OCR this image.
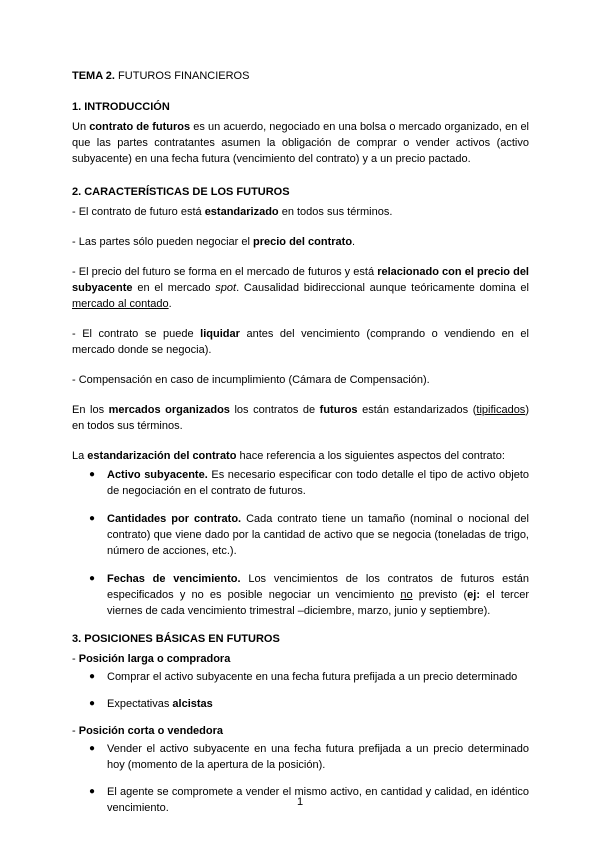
TEMA 2. FUTUROS FINANCIEROS

1. INTRODUCCIÓN

Un contrato de futuros es un acuerdo, negociado en una bolsa o mercado organizado, en el que las partes contratantes asumen la obligación de comprar o vender activos (activo subyacente) en una fecha futura (vencimiento del contrato) y a un precio pactado.

2. CARACTERÍSTICAS DE LOS FUTUROS

- El contrato de futuro está estandarizado en todos sus términos.

- Las partes sólo pueden negociar el precio del contrato.

- El precio del futuro se forma en el mercado de futuros y está relacionado con el precio del subyacente en el mercado spot. Causalidad bidireccional aunque teóricamente domina el mercado al contado.

- El contrato se puede liquidar antes del vencimiento (comprando o vendiendo en el mercado donde se negocia).

- Compensación en caso de incumplimiento (Cámara de Compensación).

En los mercados organizados los contratos de futuros están estandarizados (tipificados) en todos sus términos.

La estandarización del contrato hace referencia a los siguientes aspectos del contrato:

● Activo subyacente. Es necesario especificar con todo detalle el tipo de activo objeto de negociación en el contrato de futuros.
● Cantidades por contrato. Cada contrato tiene un tamaño (nominal o nocional del contrato) que viene dado por la cantidad de activo que se negocia (toneladas de trigo, número de acciones, etc.).
● Fechas de vencimiento. Los vencimientos de los contratos de futuros están especificados y no es posible negociar un vencimiento no previsto (ej: el tercer viernes de cada vencimiento trimestral –diciembre, marzo, junio y septiembre).

3. POSICIONES BÁSICAS EN FUTUROS

- Posición larga o compradora

● Comprar el activo subyacente en una fecha futura prefijada a un precio determinado
● Expectativas alcistas

- Posición corta o vendedora

● Vender el activo subyacente en una fecha futura prefijada a un precio determinado hoy (momento de la apertura de la posición).
● El agente se compromete a vender el mismo activo, en cantidad y calidad, en idéntico vencimiento.	1
